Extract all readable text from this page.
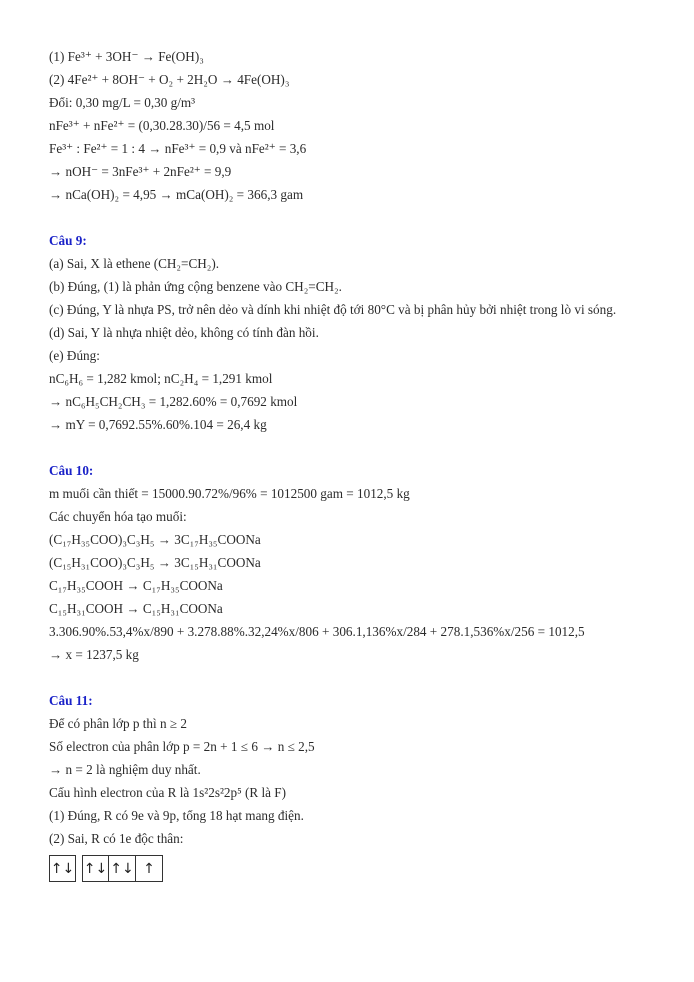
(1) Fe³⁺ + 3OH⁻ → Fe(OH)₃
(2) 4Fe²⁺ + 8OH⁻ + O₂ + 2H₂O → 4Fe(OH)₃
Đổi: 0,30 mg/L = 0,30 g/m³
nFe³⁺ + nFe²⁺ = (0,30.28.30)/56 = 4,5 mol
Fe³⁺ : Fe²⁺ = 1 : 4 → nFe³⁺ = 0,9 và nFe²⁺ = 3,6
→ nOH⁻ = 3nFe³⁺ + 2nFe²⁺ = 9,9
→ nCa(OH)₂ = 4,95 → mCa(OH)₂ = 366,3 gam
Câu 9:
(a) Sai, X là ethene (CH₂=CH₂).
(b) Đúng, (1) là phản ứng cộng benzene vào CH₂=CH₂.
(c) Đúng, Y là nhựa PS, trở nên dẻo và dính khi nhiệt độ tới 80°C và bị phân hủy bởi nhiệt trong lò vi sóng.
(d) Sai, Y là nhựa nhiệt dẻo, không có tính đàn hồi.
(e) Đúng:
nC₆H₆ = 1,282 kmol; nC₂H₄ = 1,291 kmol
→ nC₆H₅CH₂CH₃ = 1,282.60% = 0,7692 kmol
→ mY = 0,7692.55%.60%.104 = 26,4 kg
Câu 10:
m muối cần thiết = 15000.90.72%/96% = 1012500 gam = 1012,5 kg
Các chuyển hóa tạo muối:
(C₁₇H₃₅COO)₃C₃H₅ → 3C₁₇H₃₅COONa
(C₁₅H₃₁COO)₃C₃H₅ → 3C₁₅H₃₁COONa
C₁₇H₃₅COOH → C₁₇H₃₅COONa
C₁₅H₃₁COOH → C₁₅H₃₁COONa
3.306.90%.53,4%x/890 + 3.278.88%.32,24%x/806 + 306.1,136%x/284 + 278.1,536%x/256 = 1012,5
→ x = 1237,5 kg
Câu 11:
Để có phân lớp p thì n ≥ 2
Số electron của phân lớp p = 2n + 1 ≤ 6 → n ≤ 2,5
→ n = 2 là nghiệm duy nhất.
Cấu hình electron của R là 1s²2s²2p⁵ (R là F)
(1) Đúng, R có 9e và 9p, tổng 18 hạt mang điện.
(2) Sai, R có 1e độc thân:
↑↓ ↑↓ ↑↓ ↑
